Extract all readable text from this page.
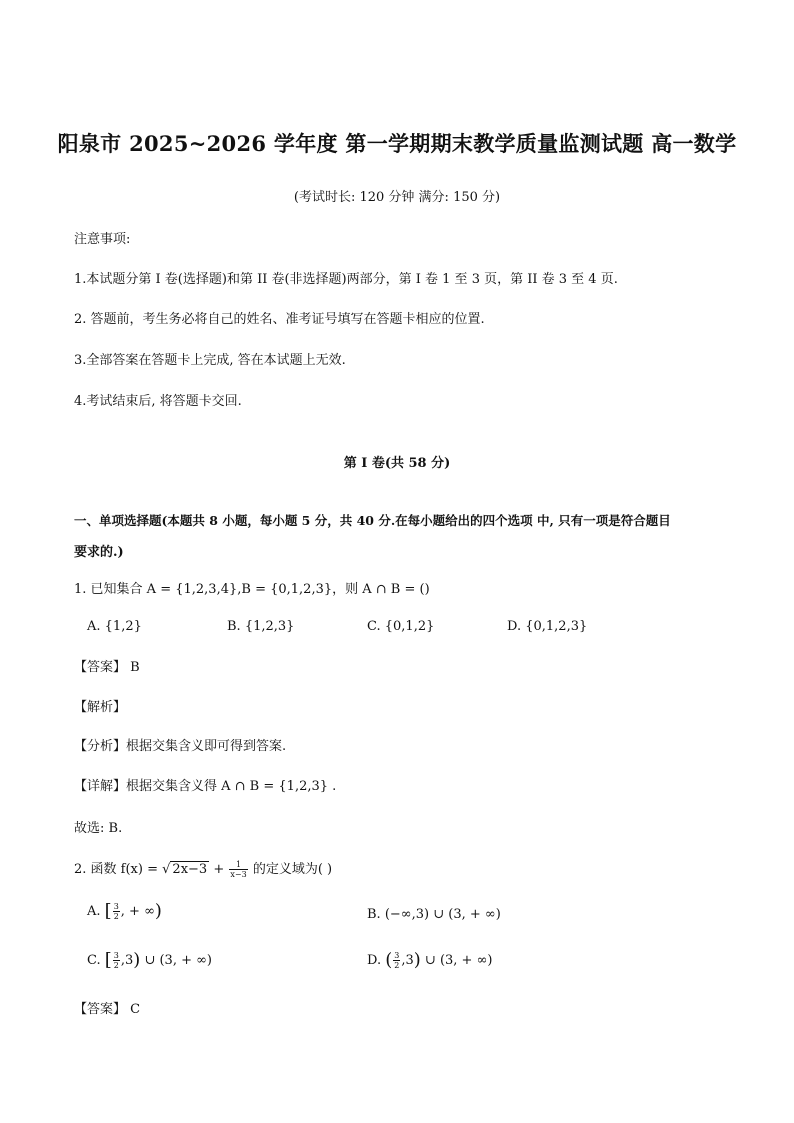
阳泉市 2025~2026 学年度 第一学期期末教学质量监测试题 高一数学
(考试时长: 120 分钟 满分: 150 分)
注意事项:
1.本试题分第 I 卷(选择题)和第 II 卷(非选择题)两部分，第 I 卷 1 至 3 页，第 II 卷 3 至 4 页.
2. 答题前，考生务必将自己的姓名、准考证号填写在答题卡相应的位置.
3.全部答案在答题卡上完成, 答在本试题上无效.
4.考试结束后, 将答题卡交回.
第 I 卷(共 58 分)
一、单项选择题(本题共 8 小题，每小题 5 分，共 40 分.在每小题给出的四个选项 中, 只有一项是符合题目
要求的.)
1. 已知集合 A = {1,2,3,4},B = {0,1,2,3}，则 A ∩ B = ()
A. {1,2}	B. {1,2,3}	C. {0,1,2}	D. {0,1,2,3}
【答案】 B
【解析】
【分析】根据交集含义即可得到答案.
【详解】根据交集含义得 A ∩ B = {1,2,3} .
故选: B.
2. 函数 f(x) = √ $2x-3 + \frac{1}{x-3}$ 的定义域为( )
A. [ $\frac{3}{2}$ , + ∞)	B. (−∞,3) ∪ (3, + ∞)
C. [ $\frac{3}{2} ,3$) ∪ (3, + ∞)	D. ( $\frac{3}{2} ,3$) ∪ (3, + ∞)
【答案】 C
